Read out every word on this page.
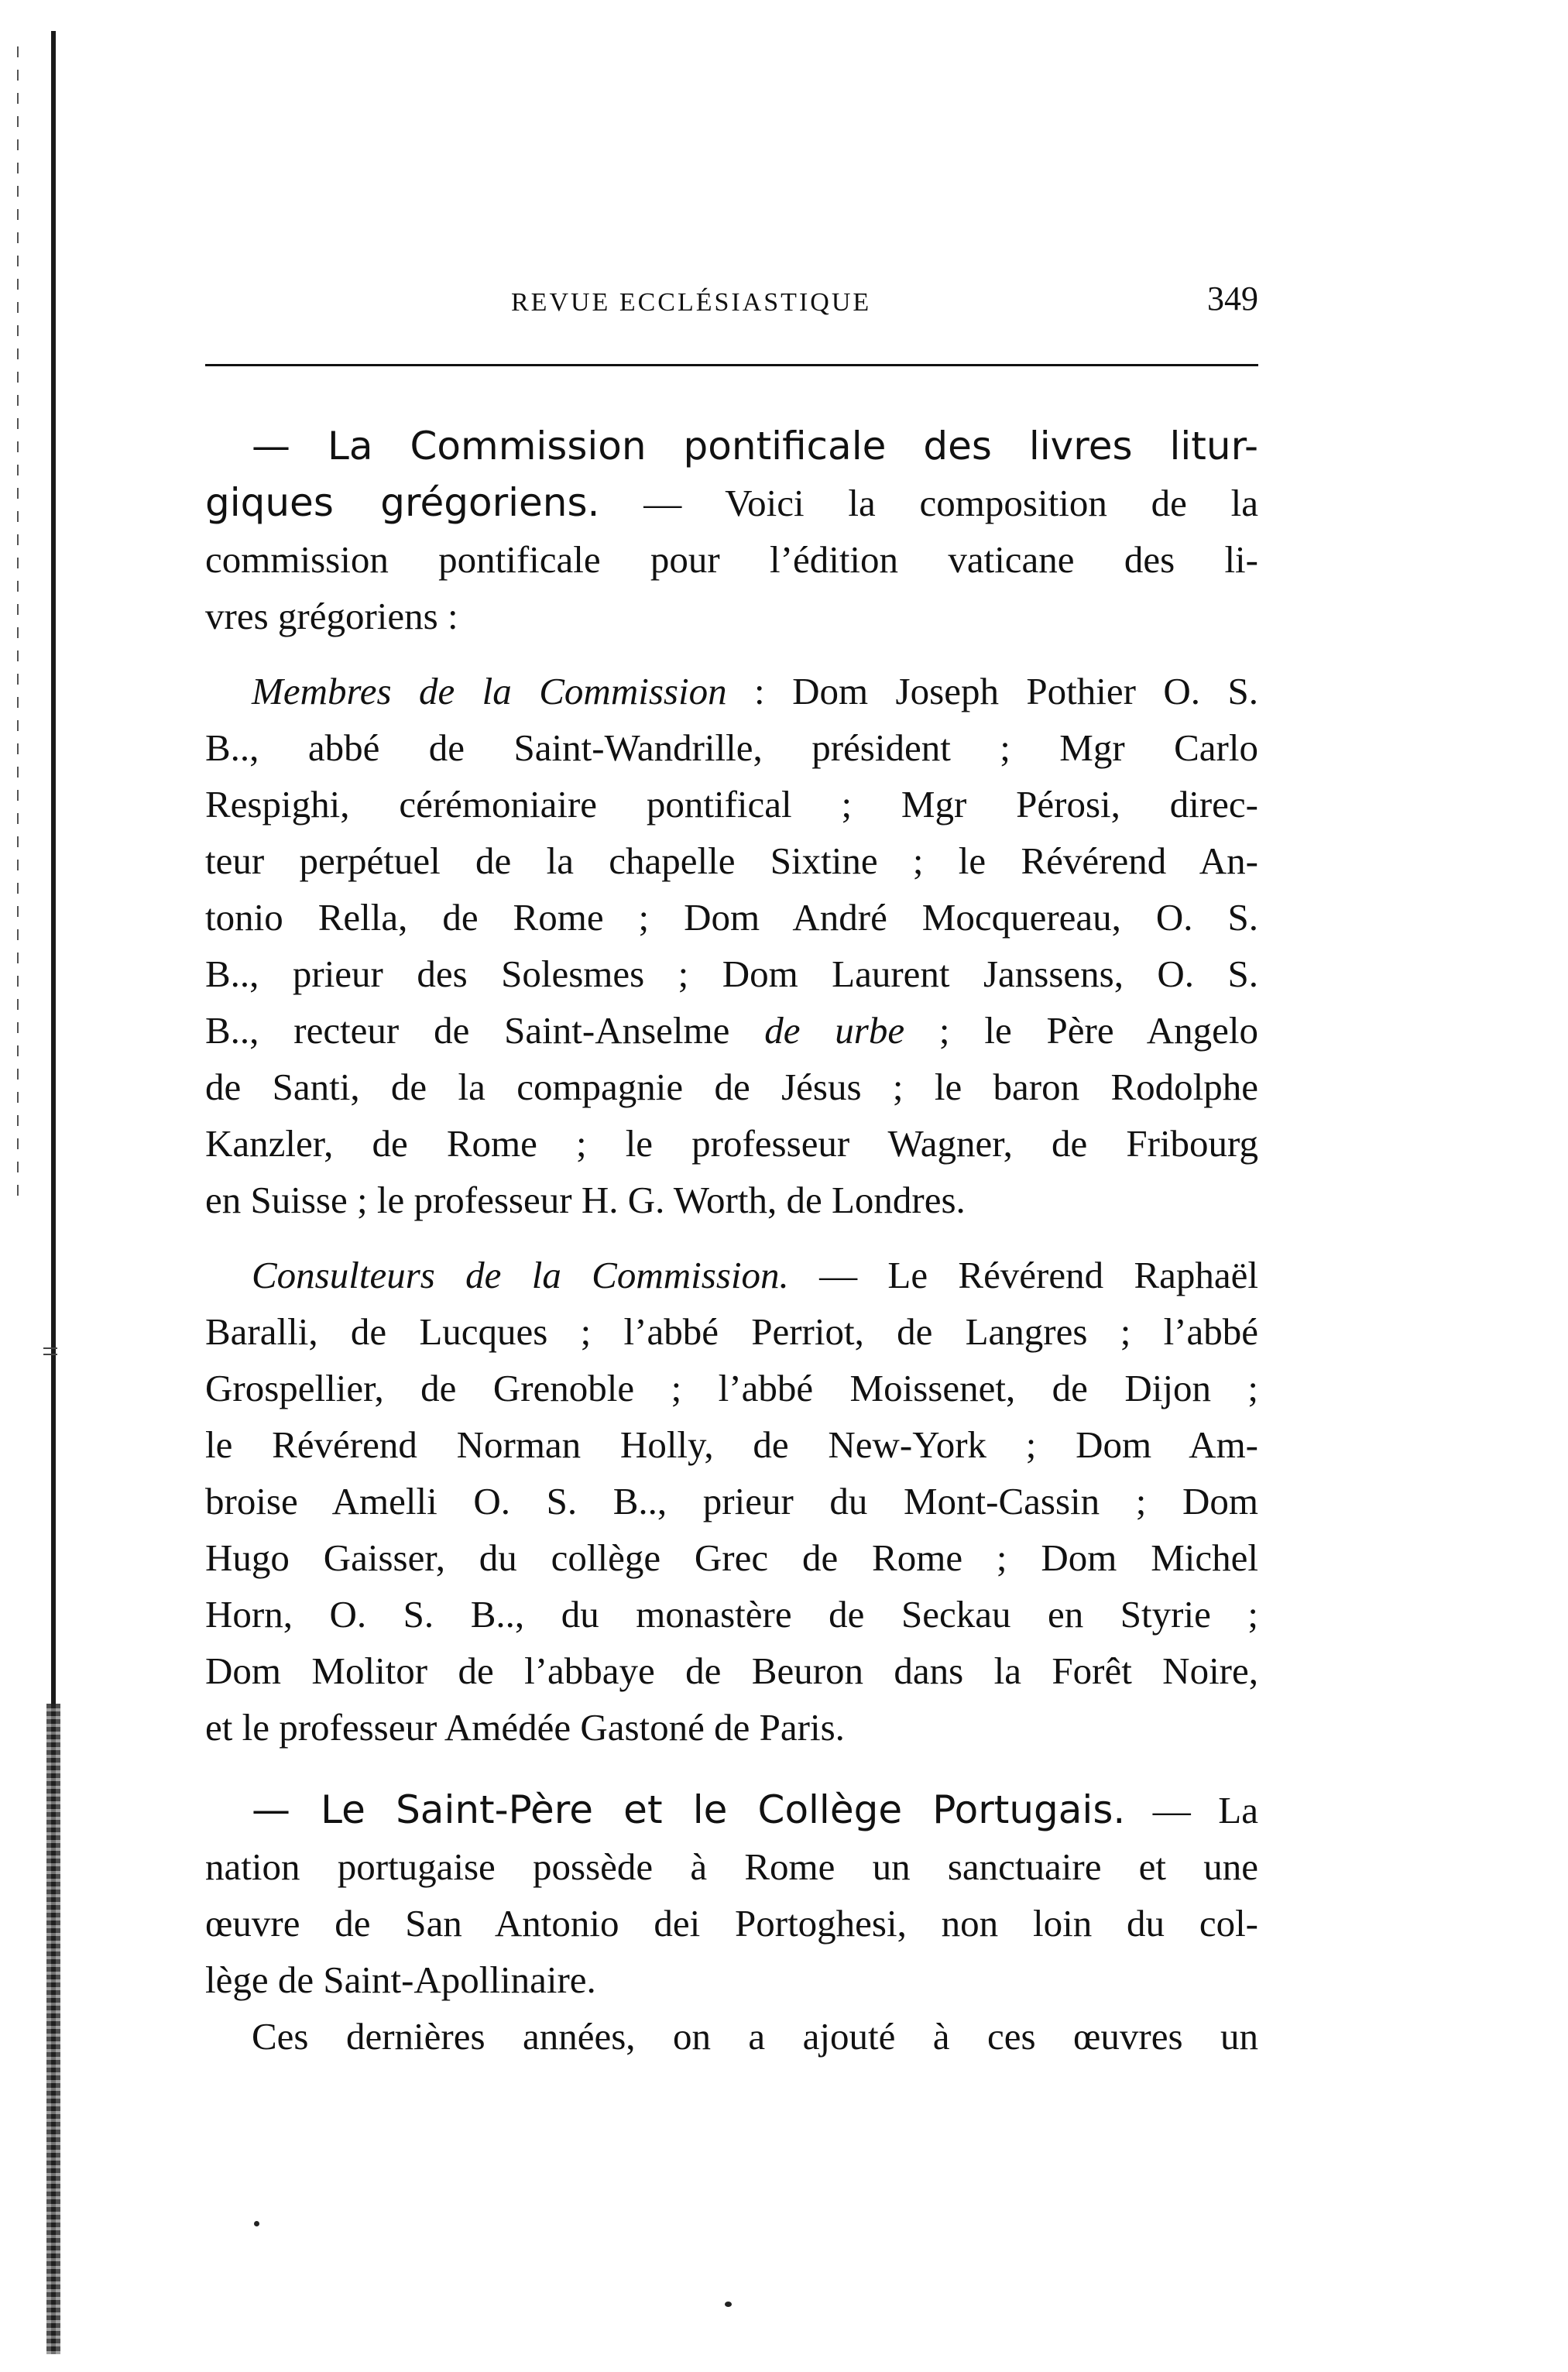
REVUE ECCLÉSIASTIQUE	349
— La Commission pontificale des livres litur-
giques grégoriens. — Voici la composition de la
commission pontificale pour l’édition vaticane des li-
vres grégoriens :
Membres de la Commission : Dom Joseph Pothier O. S.
B.., abbé de Saint-Wandrille, président ; Mgr Carlo
Respighi, cérémoniaire pontifical ; Mgr Pérosi, direc-
teur perpétuel de la chapelle Sixtine ; le Révérend An-
tonio Rella, de Rome ; Dom André Mocquereau, O. S.
B.., prieur des Solesmes ; Dom Laurent Janssens, O. S.
B.., recteur de Saint-Anselme de urbe ; le Père Angelo
de Santi, de la compagnie de Jésus ; le baron Rodolphe
Kanzler, de Rome ; le professeur Wagner, de Fribourg
en Suisse ; le professeur H. G. Worth, de Londres.
Consulteurs de la Commission. — Le Révérend Raphaël
Baralli, de Lucques ; l’abbé Perriot, de Langres ; l’abbé
Grospellier, de Grenoble ; l’abbé Moissenet, de Dijon ;
le Révérend Norman Holly, de New-York ; Dom Am-
broise Amelli O. S. B.., prieur du Mont-Cassin ; Dom
Hugo Gaisser, du collège Grec de Rome ; Dom Michel
Horn, O. S. B.., du monastère de Seckau en Styrie ;
Dom Molitor de l’abbaye de Beuron dans la Forêt Noire,
et le professeur Amédée Gastoné de Paris.
— Le Saint-Père et le Collège Portugais. — La
nation portugaise possède à Rome un sanctuaire et une
œuvre de San Antonio dei Portoghesi, non loin du col-
lège de Saint-Apollinaire.
Ces dernières années, on a ajouté à ces œuvres un
